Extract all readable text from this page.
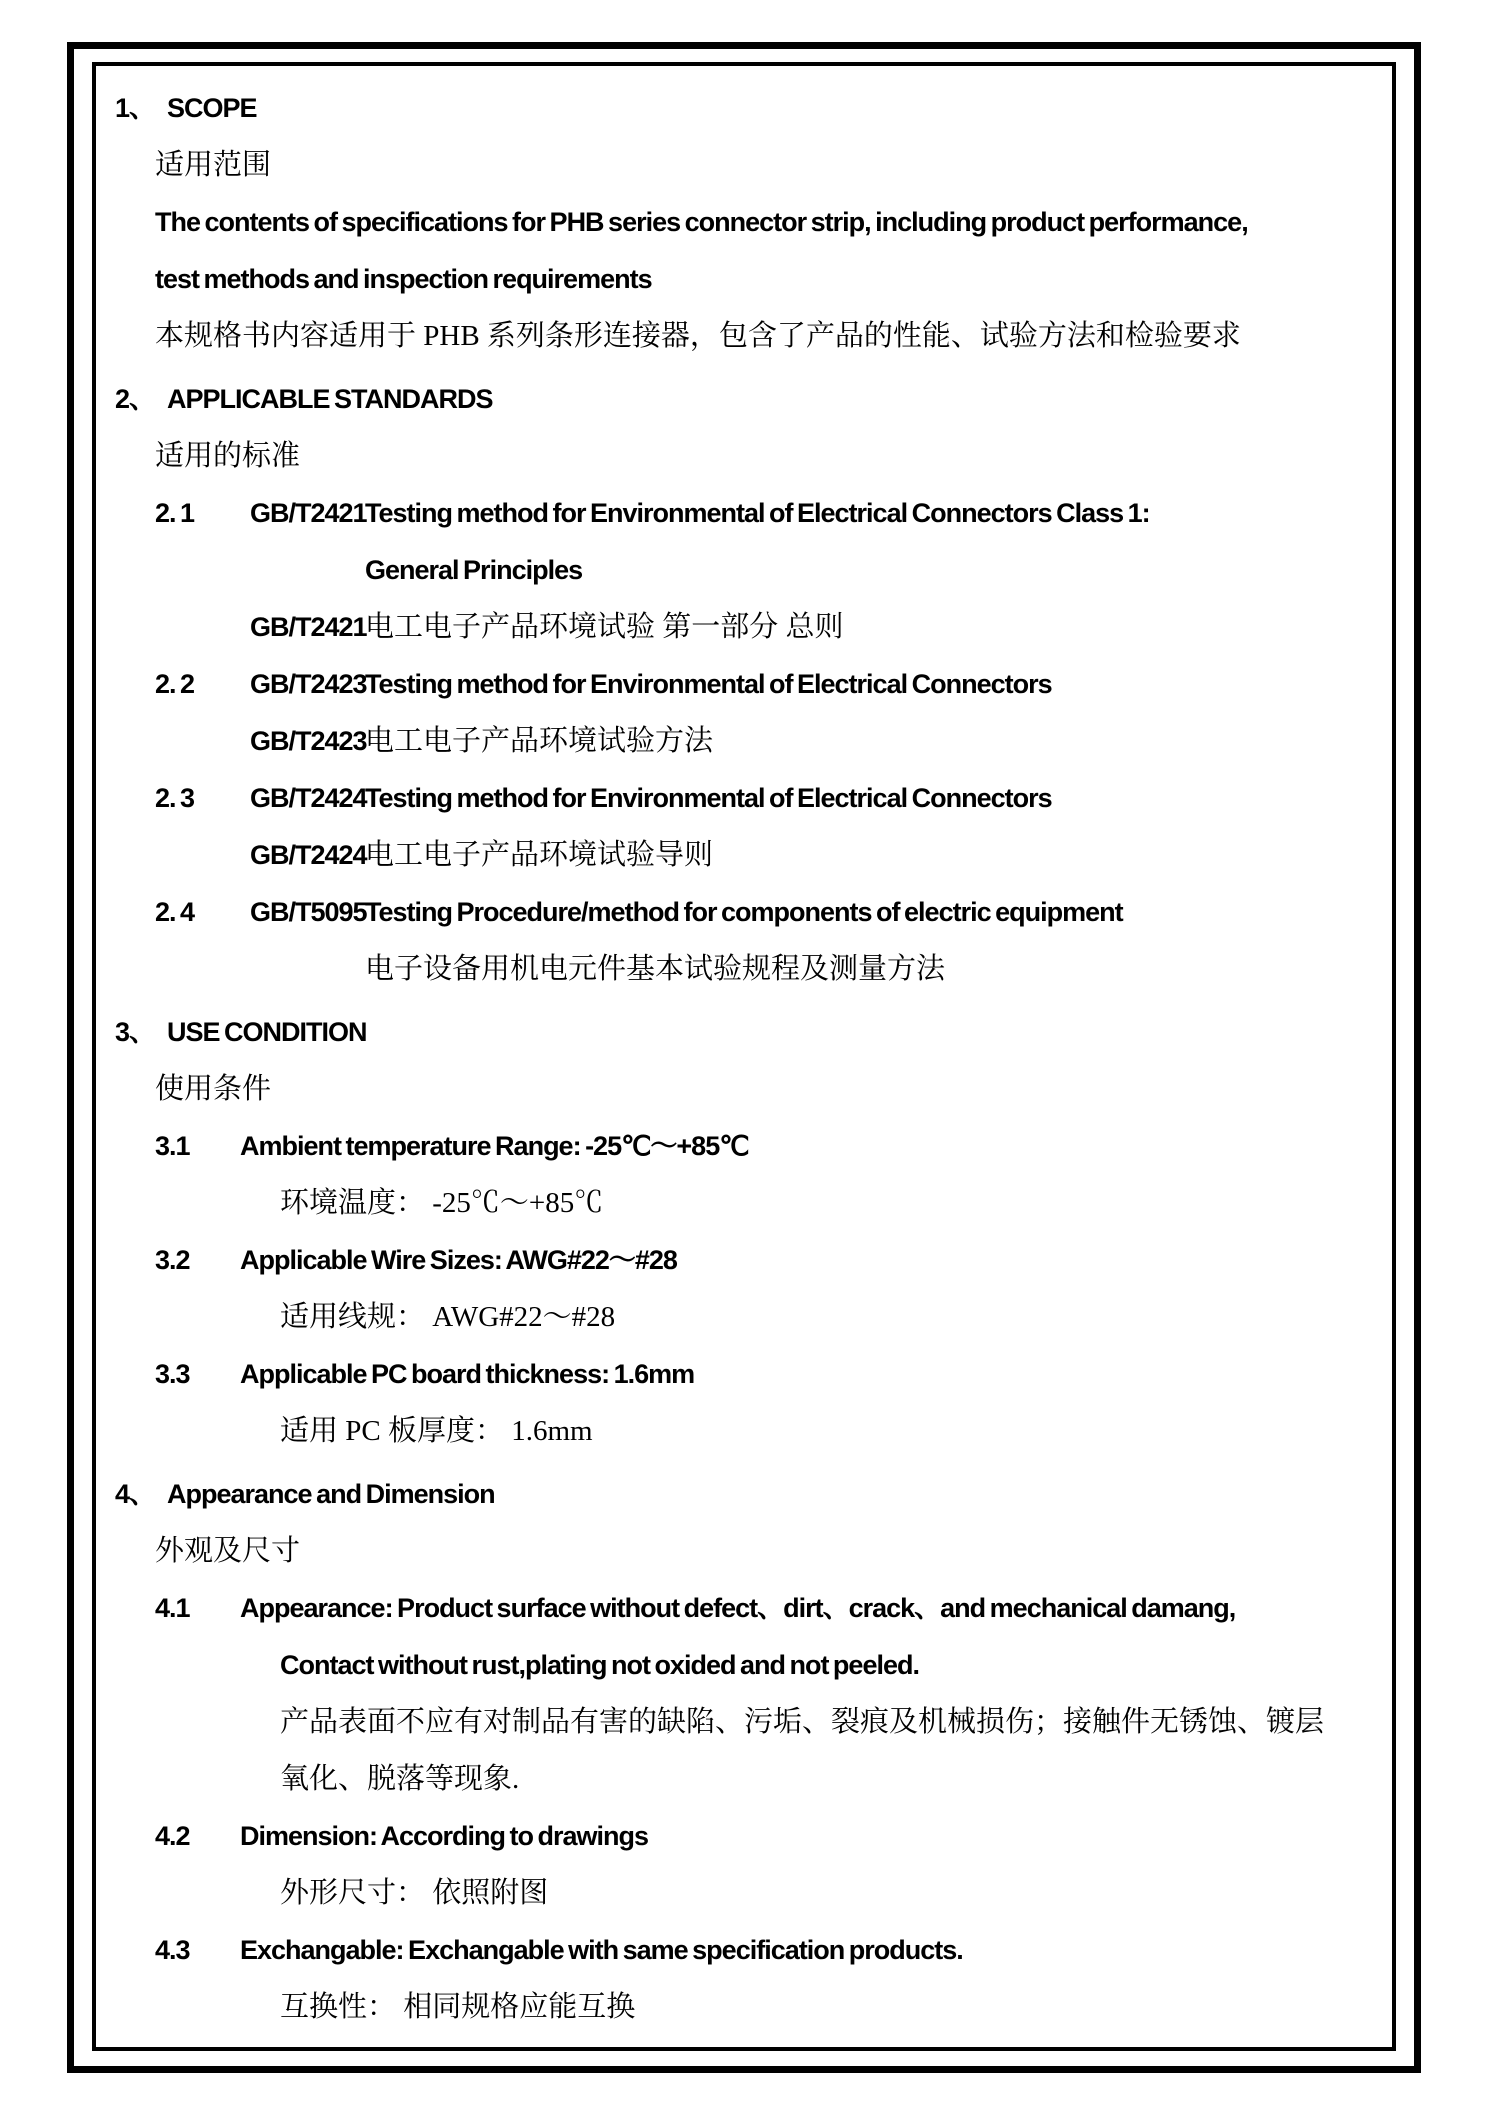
1、 SCOPE
适用范围
The contents of specifications for PHB series connector strip, including product performance,
test methods and inspection requirements
本规格书内容适用于 PHB 系列条形连接器，包含了产品的性能、试验方法和检验要求
2、 APPLICABLE STANDARDS
适用的标准
2. 1	GB/T2421
Testing method for Environmental of Electrical Connectors Class 1:
General Principles
GB/T2421
电工电子产品环境试验 第一部分 总则
2. 2	GB/T2423
Testing method for Environmental of Electrical Connectors
GB/T2423
电工电子产品环境试验方法
2. 3	GB/T2424
Testing method for Environmental of Electrical Connectors
GB/T2424
电工电子产品环境试验导则
2. 4	GB/T5095
Testing Procedure/method for components of electric equipment
电子设备用机电元件基本试验规程及测量方法
3、 USE CONDITION
使用条件
3.1	Ambient temperature Range: -25℃～+85℃
环境温度： -25℃～+85℃
3.2	Applicable Wire Sizes: AWG#22～#28
适用线规： AWG#22～#28
3.3	Applicable PC board thickness: 1.6mm
适用 PC 板厚度： 1.6mm
4、 Appearance and Dimension
外观及尺寸
4.1	Appearance: Product surface without defect、dirt、crack、and mechanical damang,
Contact without rust,plating not oxided and not peeled.
产品表面不应有对制品有害的缺陷、污垢、裂痕及机械损伤；接触件无锈蚀、镀层
氧化、脱落等现象.
4.2	Dimension: According to drawings
外形尺寸： 依照附图
4.3	Exchangable: Exchangable with same specification products.
互换性： 相同规格应能互换
